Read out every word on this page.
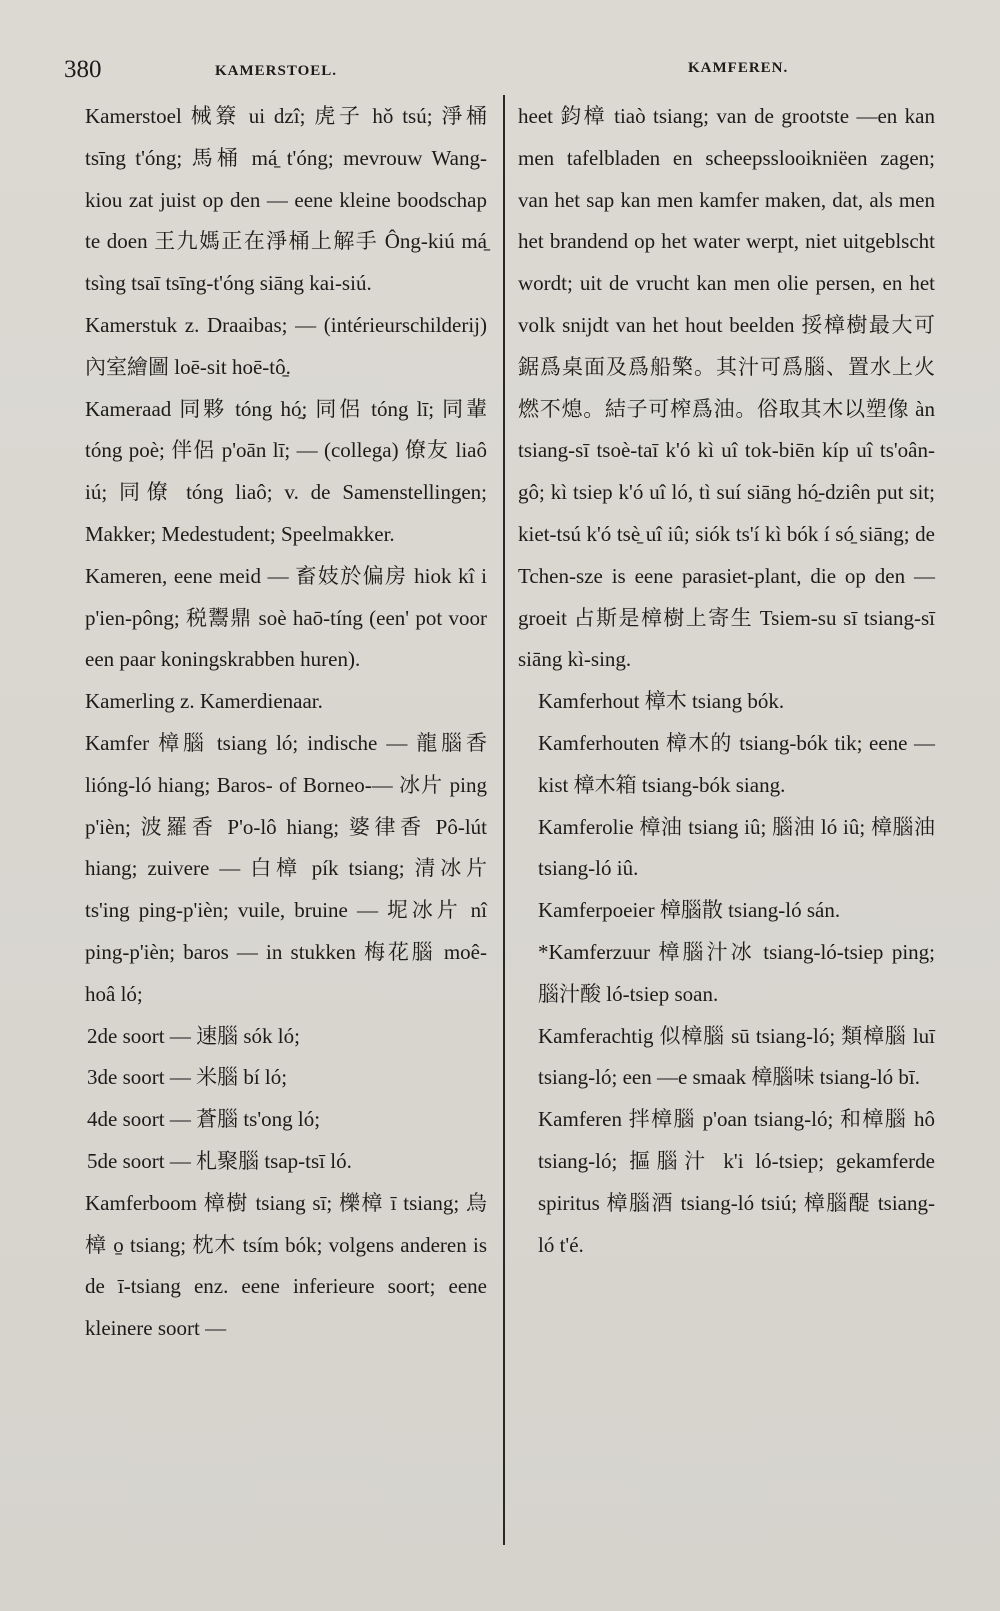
380	KAMERSTOEL.	KAMFEREN.

Kamerstoel 械簝 ui dzî; 虎子 hǒ tsú; 淨桶 tsīng t'óng; 馬桶 má̱ t'óng; mevrouw Wang-kiou zat juist op den — eene kleine boodschap te doen 王九媽正在淨桶上解手 Ông-kiú má̱ tsìng tsaī tsīng-t'óng siāng kai-siú.

Kamerstuk z. Draaibas; — (intérieurschilderij) 內室繪圖 loē-sit hoē-tô̱.

Kameraad 同夥 tóng hó̱; 同侶 tóng lī; 同輩 tóng poè; 伴侶 p'oān lī; — (collega) 僚友 liaô iú; 同僚 tóng liaô; v. de Samenstellingen; Makker; Medestudent; Speelmakker.

Kameren, eene meid — 畜妓於偏房 hiok kî i p'ien-pông; 税鬻鼎 soè haō-tíng (een' pot voor een paar koningskrabben huren).

Kamerling z. Kamerdienaar.

Kamfer 樟腦 tsiang ló; indische — 龍腦香 lióng-ló hiang; Baros- of Borneo-— 冰片 ping p'ièn; 波羅香 P'o-lô hiang; 婆律香 Pô-lút hiang; zuivere — 白樟 pík tsiang; 清冰片 ts'ing ping-p'ièn; vuile, bruine — 坭冰片 nî ping-p'ièn; baros — in stukken 梅花腦 moê-hoâ ló;

2de soort — 速腦 sók ló;

3de soort — 米腦 bí ló;

4de soort — 蒼腦 ts'ong ló;

5de soort — 札聚腦 tsap-tsī ló.

Kamferboom 樟樹 tsiang sī; 櫟樟 ī tsiang; 烏樟 o̱ tsiang; 枕木 tsím bók; volgens anderen is de ī-tsiang enz. eene inferieure soort; eene kleinere soort —

heet 鈞樟 tiaò tsiang; van de grootste —en kan men tafelbladen en scheepsslooikniëen zagen; van het sap kan men kamfer maken, dat, als men het brandend op het water werpt, niet uitgeblscht wordt; uit de vrucht kan men olie persen, en het volk snijdt van het hout beelden 挼樟樹最大可鋸爲桌面及爲船檠。其汁可爲腦、置水上火燃不熄。結子可榨爲油。俗取其木以塑像 àn tsiang-sī tsoè-taī k'ó kì uî tok-biēn kíp uî ts'oân-gô; kì tsiep k'ó uî ló, tì suí siāng hó̱-dziên put sit; kiet-tsú k'ó tsè̱ uî iû; siók ts'í kì bók í só̱ siāng; de Tchen-sze is eene parasiet-plant, die op den — groeit 占斯是樟樹上寄生 Tsiem-su sī tsiang-sī siāng kì-sing.

Kamferhout 樟木 tsiang bók.

Kamferhouten 樟木的 tsiang-bók tik; eene — kist 樟木箱 tsiang-bók siang.

Kamferolie 樟油 tsiang iû; 腦油 ló iû; 樟腦油 tsiang-ló iû.

Kamferpoeier 樟腦散 tsiang-ló sán.

*Kamferzuur 樟腦汁冰 tsiang-ló-tsiep ping; 腦汁酸 ló-tsiep soan.

Kamferachtig 似樟腦 sū tsiang-ló; 類樟腦 luī tsiang-ló; een —e smaak 樟腦味 tsiang-ló bī.

Kamferen 拌樟腦 p'oan tsiang-ló; 和樟腦 hô tsiang-ló; 摳腦汁 k'i ló-tsiep; gekamferde spiritus 樟腦酒 tsiang-ló tsiú; 樟腦醍 tsiang-ló t'é.
